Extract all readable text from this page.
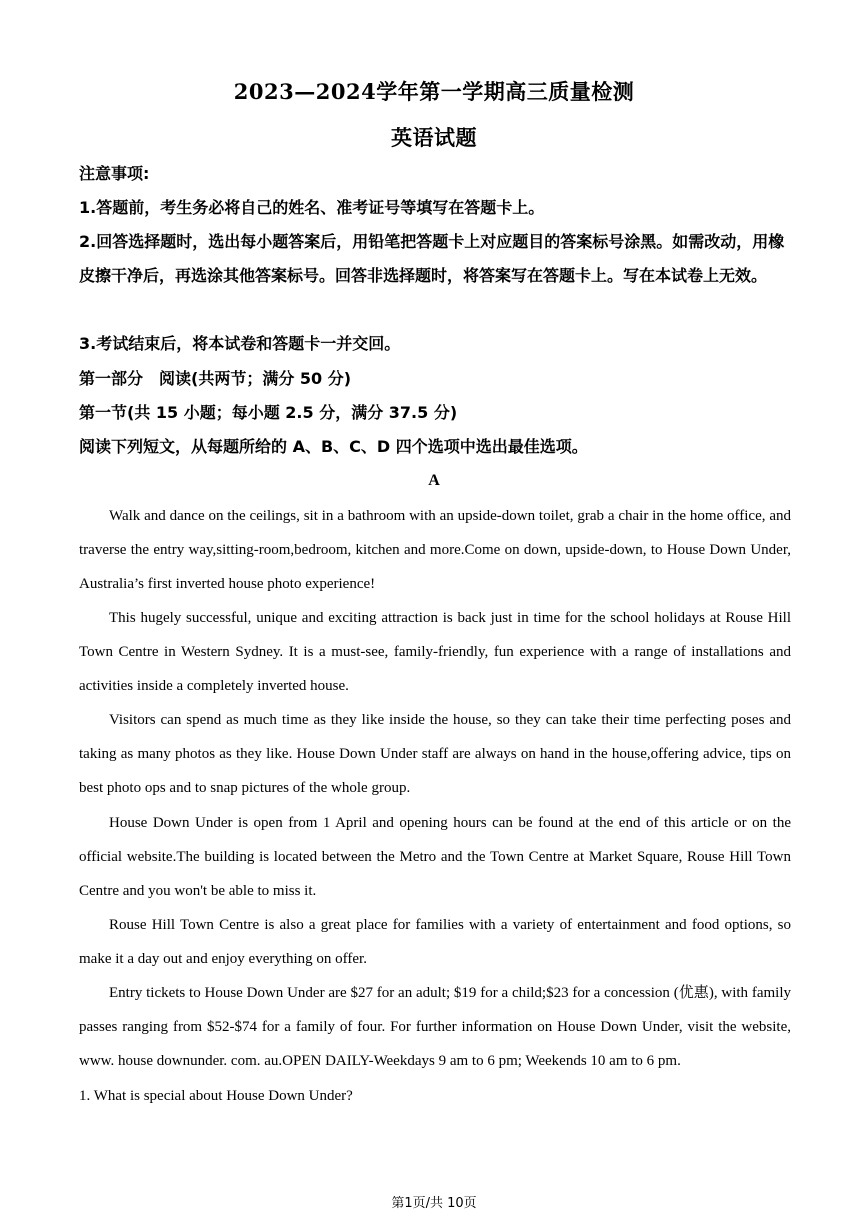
2023—2024学年第一学期高三质量检测
英语试题
注意事项:
1.答题前，考生务必将自己的姓名、准考证号等填写在答题卡上。
2.回答选择题时，选出每小题答案后，用铅笔把答题卡上对应题目的答案标号涂黑。如需改动，用橡皮擦干净后，再选涂其他答案标号。回答非选择题时，将答案写在答题卡上。写在本试卷上无效。
3.考试结束后，将本试卷和答题卡一并交回。
第一部分　阅读(共两节；满分 50 分)
第一节(共 15 小题；每小题 2.5 分，满分 37.5 分)
阅读下列短文，从每题所给的 A、B、C、D 四个选项中选出最佳选项。
A
Walk and dance on the ceilings, sit in a bathroom with an upside-down toilet, grab a chair in the home office, and traverse the entry way,sitting-room,bedroom, kitchen and more.Come on down, upside-down, to House Down Under, Australia’s first inverted house photo experience!
This hugely successful, unique and exciting attraction is back just in time for the school holidays at Rouse Hill Town Centre in Western Sydney. It is a must-see, family-friendly, fun experience with a range of installations and activities inside a completely inverted house.
Visitors can spend as much time as they like inside the house, so they can take their time perfecting poses and taking as many photos as they like. House Down Under staff are always on hand in the house,offering advice, tips on best photo ops and to snap pictures of the whole group.
House Down Under is open from 1 April and opening hours can be found at the end of this article or on the official website.The building is located between the Metro and the Town Centre at Market Square, Rouse Hill Town Centre and you won't be able to miss it.
Rouse Hill Town Centre is also a great place for families with a variety of entertainment and food options, so make it a day out and enjoy everything on offer.
Entry tickets to House Down Under are $27 for an adult; $19 for a child;$23 for a concession (优惠), with family passes ranging from $52-$74 for a family of four. For further information on House Down Under, visit the website, www. house downunder. com. au.OPEN DAILY-Weekdays 9 am to 6 pm; Weekends 10 am to 6 pm.
1. What is special about House Down Under?
第1页/共 10页
